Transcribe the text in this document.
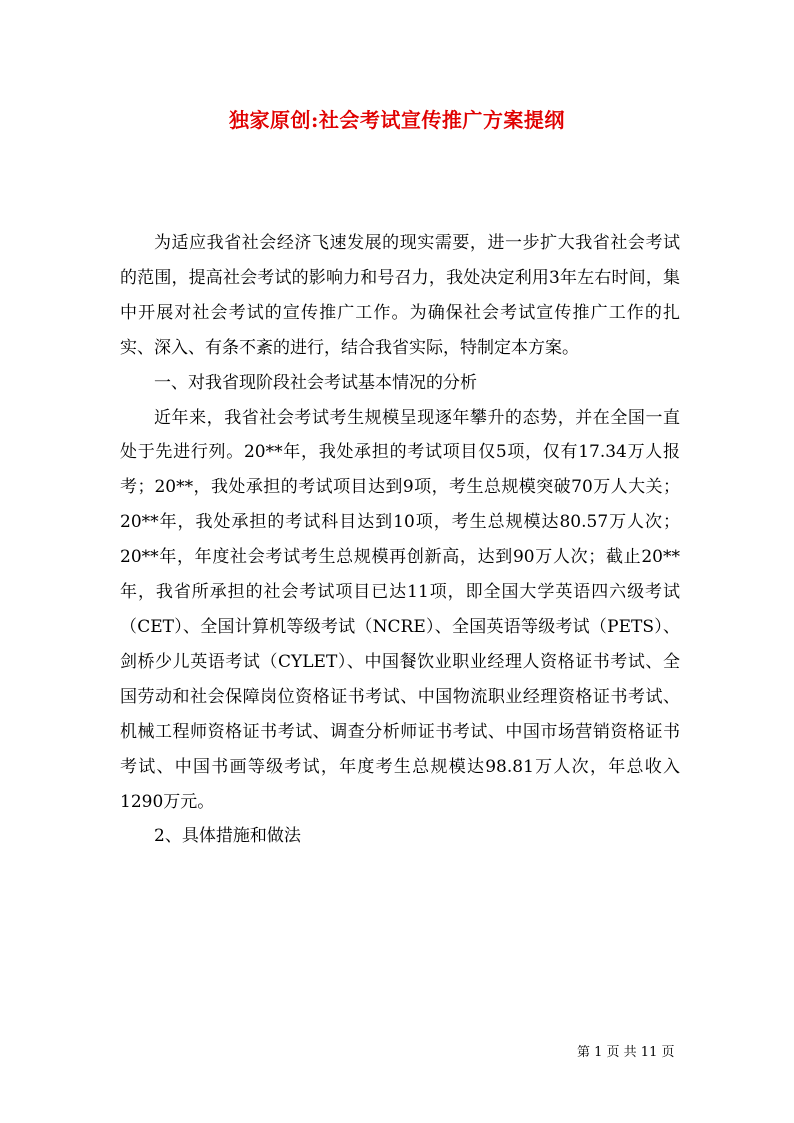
独家原创:社会考试宣传推广方案提纲

为适应我省社会经济飞速发展的现实需要，进一步扩大我省社会考试的范围，提高社会考试的影响力和号召力，我处决定利用3年左右时间，集中开展对社会考试的宣传推广工作。为确保社会考试宣传推广工作的扎实、深入、有条不紊的进行，结合我省实际，特制定本方案。

一、对我省现阶段社会考试基本情况的分析

近年来，我省社会考试考生规模呈现逐年攀升的态势，并在全国一直处于先进行列。20**年，我处承担的考试项目仅5项，仅有17.34万人报考；20**，我处承担的考试项目达到9项，考生总规模突破70万人大关；20**年，我处承担的考试科目达到10项，考生总规模达80.57万人次；20**年，年度社会考试考生总规模再创新高，达到90万人次；截止20**年，我省所承担的社会考试项目已达11项，即全国大学英语四六级考试（CET）、全国计算机等级考试（NCRE）、全国英语等级考试（PETS）、剑桥少儿英语考试（CYLET）、中国餐饮业职业经理人资格证书考试、全国劳动和社会保障岗位资格证书考试、中国物流职业经理资格证书考试、机械工程师资格证书考试、调查分析师证书考试、中国市场营销资格证书考试、中国书画等级考试，年度考生总规模达98.81万人次，年总收入1290万元。

2、具体措施和做法

第 1 页 共 11 页
